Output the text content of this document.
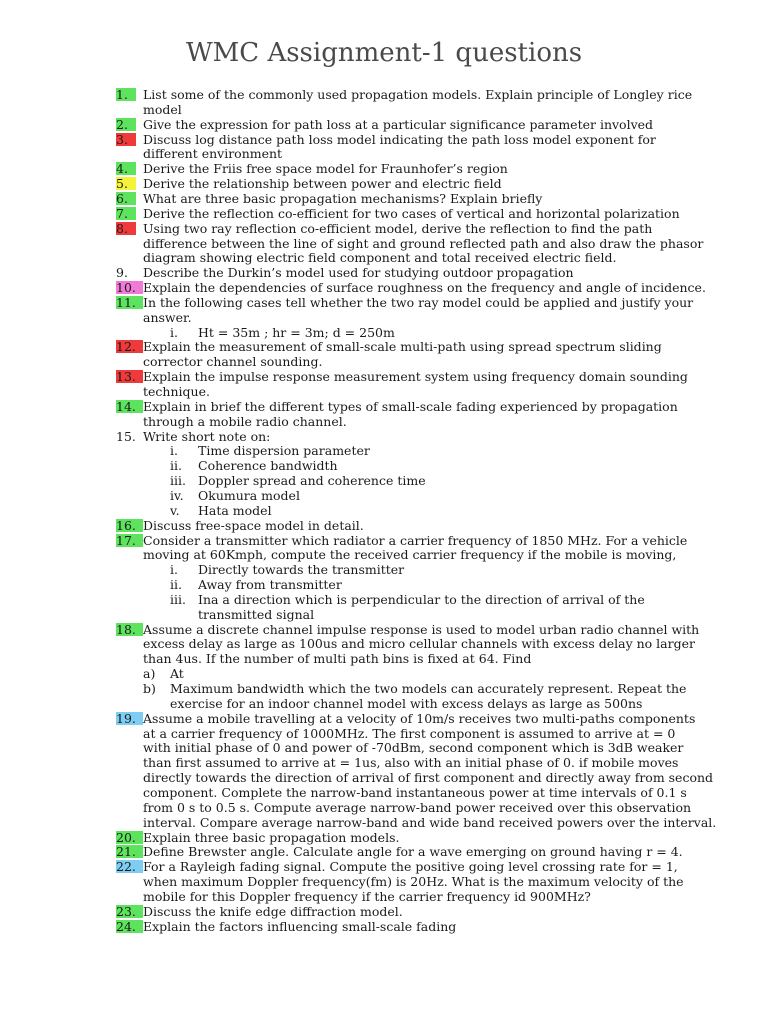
WMC Assignment-1 questions
1.	List some of the commonly used propagation models. Explain principle of Longley rice
model
2.	Give the expression for path loss at a particular significance parameter involved
3.	Discuss log distance path loss model indicating the path loss model exponent for
different environment
4.	Derive the Friis free space model for Fraunhofer’s region
5.	Derive the relationship between power and electric field
6.	What are three basic propagation mechanisms? Explain briefly
7.	Derive the reflection co-efficient for two cases of vertical and horizontal polarization
8.	Using two ray reflection co-efficient model, derive the reflection to find the path
difference between the line of sight and ground reflected path and also draw the phasor
diagram showing electric field component and total received electric field.
9.	Describe the Durkin’s model used for studying outdoor propagation
10. Explain the dependencies of surface roughness on the frequency and angle of incidence.
11. In the following cases tell whether the two ray model could be applied and justify your
answer.
i. Ht = 35m ; hr = 3m; d = 250m
12. Explain the measurement of small-scale multi-path using spread spectrum sliding
corrector channel sounding.
13. Explain the impulse response measurement system using frequency domain sounding
technique.
14. Explain in brief the different types of small-scale fading experienced by propagation
through a mobile radio channel.
15. Write short note on:
i. Time dispersion parameter
ii. Coherence bandwidth
iii. Doppler spread and coherence time
iv. Okumura model
v. Hata model
16. Discuss free-space model in detail.
17. Consider a transmitter which radiator a carrier frequency of 1850 MHz. For a vehicle
moving at 60Kmph, compute the received carrier frequency if the mobile is moving,
i. Directly towards the transmitter
ii. Away from transmitter
iii. Ina a direction which is perpendicular to the direction of arrival of the
transmitted signal
18. Assume a discrete channel impulse response is used to model urban radio channel with
excess delay as large as 100us and micro cellular channels with excess delay no larger
than 4us. If the number of multi path bins is fixed at 64. Find
a) At
b) Maximum bandwidth which the two models can accurately represent. Repeat the
exercise for an indoor channel model with excess delays as large as 500ns
19. Assume a mobile travelling at a velocity of 10m/s receives two multi-paths components
at a carrier frequency of 1000MHz. The first component is assumed to arrive at = 0
with initial phase of 0 and power of -70dBm, second component which is 3dB weaker
than first assumed to arrive at = 1us, also with an initial phase of 0. if mobile moves
directly towards the direction of arrival of first component and directly away from second
component. Complete the narrow-band instantaneous power at time intervals of 0.1 s
from 0 s to 0.5 s. Compute average narrow-band power received over this observation
interval. Compare average narrow-band and wide band received powers over the interval.
20. Explain three basic propagation models.
21. Define Brewster angle. Calculate angle for a wave emerging on ground having r = 4.
22. For a Rayleigh fading signal. Compute the positive going level crossing rate for = 1,
when maximum Doppler frequency(fm) is 20Hz. What is the maximum velocity of the
mobile for this Doppler frequency if the carrier frequency id 900MHz?
23. Discuss the knife edge diffraction model.
24. Explain the factors influencing small-scale fading
